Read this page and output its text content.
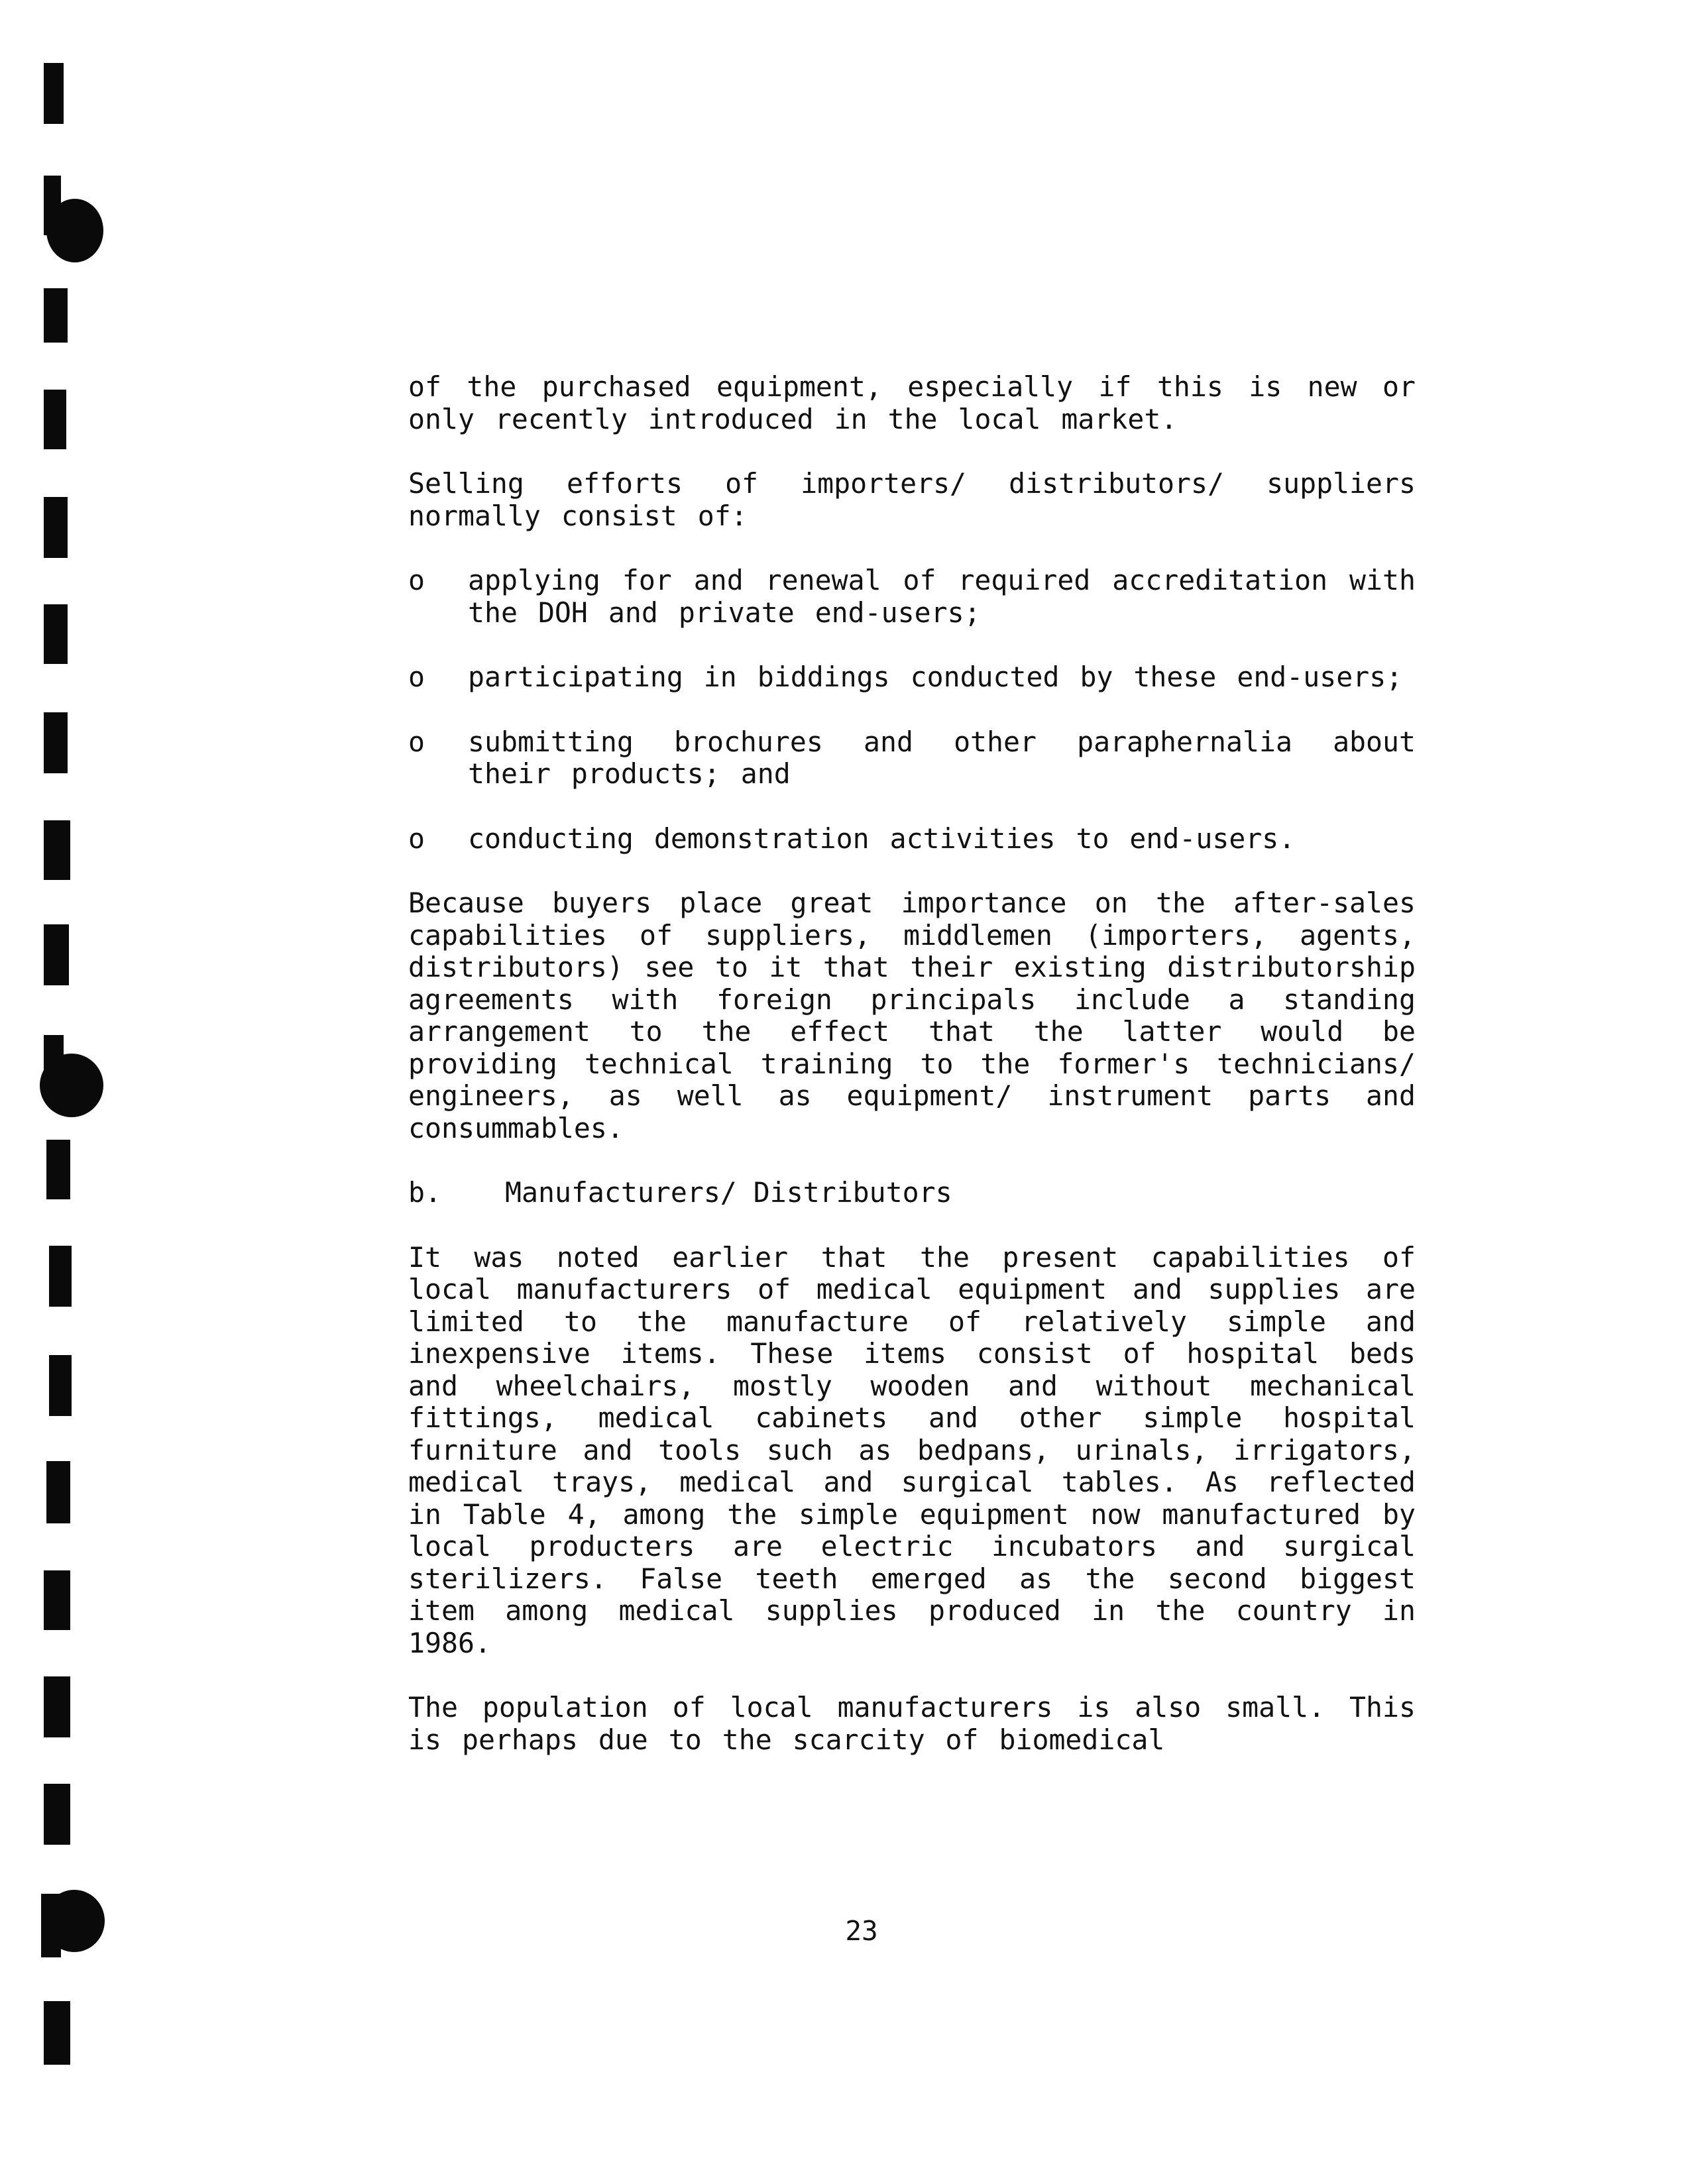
of the purchased equipment, especially if this is new or only recently introduced in the local market.

Selling efforts of importers/ distributors/ suppliers normally consist of:

o applying for and renewal of required accreditation with the DOH and private end-users;
o participating in biddings conducted by these end-users;
o submitting brochures and other paraphernalia about their products; and
o conducting demonstration activities to end-users.

Because buyers place great importance on the after-sales capabilities of suppliers, middlemen (importers, agents, distributors) see to it that their existing distributorship agreements with foreign principals include a standing arrangement to the effect that the latter would be providing technical training to the former's technicians/ engineers, as well as equipment/ instrument parts and consummables.

b. Manufacturers/ Distributors

It was noted earlier that the present capabilities of local manufacturers of medical equipment and supplies are limited to the manufacture of relatively simple and inexpensive items. These items consist of hospital beds and wheelchairs, mostly wooden and without mechanical fittings, medical cabinets and other simple hospital furniture and tools such as bedpans, urinals, irrigators, medical trays, medical and surgical tables. As reflected in Table 4, among the simple equipment now manufactured by local producters are electric incubators and surgical sterilizers. False teeth emerged as the second biggest item among medical supplies produced in the country in 1986.

The population of local manufacturers is also small. This is perhaps due to the scarcity of biomedical

23
